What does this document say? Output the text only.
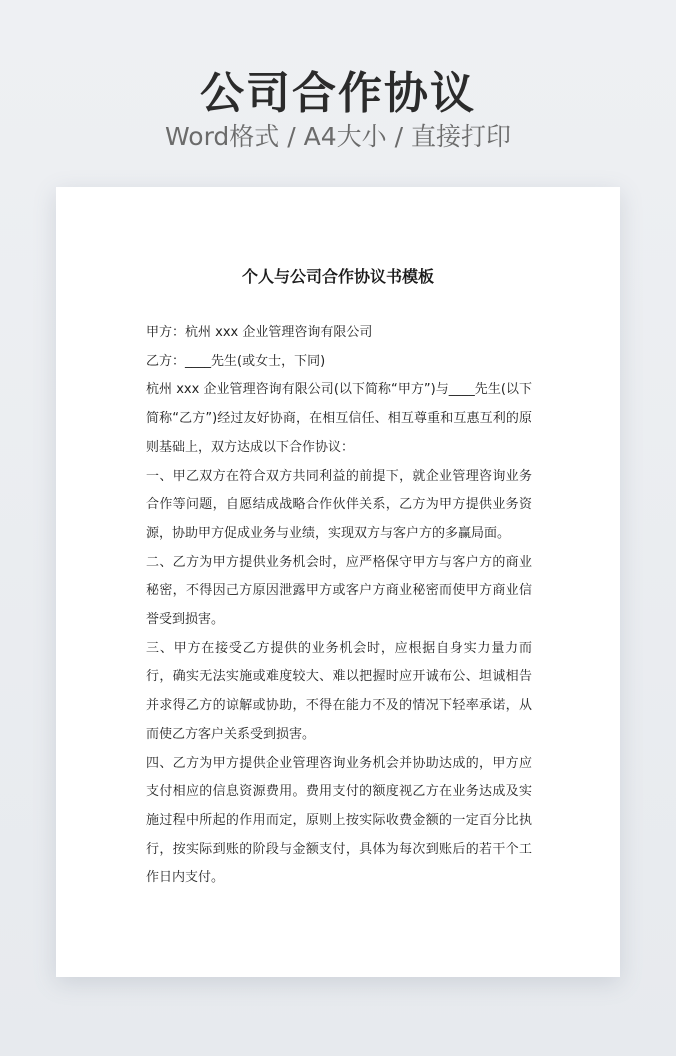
公司合作协议
Word格式 / A4大小 / 直接打印
个人与公司合作协议书模板

甲方：杭州 xxx 企业管理咨询有限公司

乙方：____先生(或女士，下同)

杭州 xxx 企业管理咨询有限公司(以下简称“甲方”)与____先生(以下简称“乙方”)经过友好协商，在相互信任、相互尊重和互惠互利的原则基础上，双方达成以下合作协议：

一、甲乙双方在符合双方共同利益的前提下，就企业管理咨询业务合作等问题，自愿结成战略合作伙伴关系，乙方为甲方提供业务资源，协助甲方促成业务与业绩，实现双方与客户方的多赢局面。

二、乙方为甲方提供业务机会时，应严格保守甲方与客户方的商业秘密，不得因己方原因泄露甲方或客户方商业秘密而使甲方商业信誉受到损害。

三、甲方在接受乙方提供的业务机会时，应根据自身实力量力而行，确实无法实施或难度较大、难以把握时应开诚布公、坦诚相告并求得乙方的谅解或协助，不得在能力不及的情况下轻率承诺，从而使乙方客户关系受到损害。

四、乙方为甲方提供企业管理咨询业务机会并协助达成的，甲方应支付相应的信息资源费用。费用支付的额度视乙方在业务达成及实施过程中所起的作用而定，原则上按实际收费金额的一定百分比执行，按实际到账的阶段与金额支付，具体为每次到账后的若干个工作日内支付。
